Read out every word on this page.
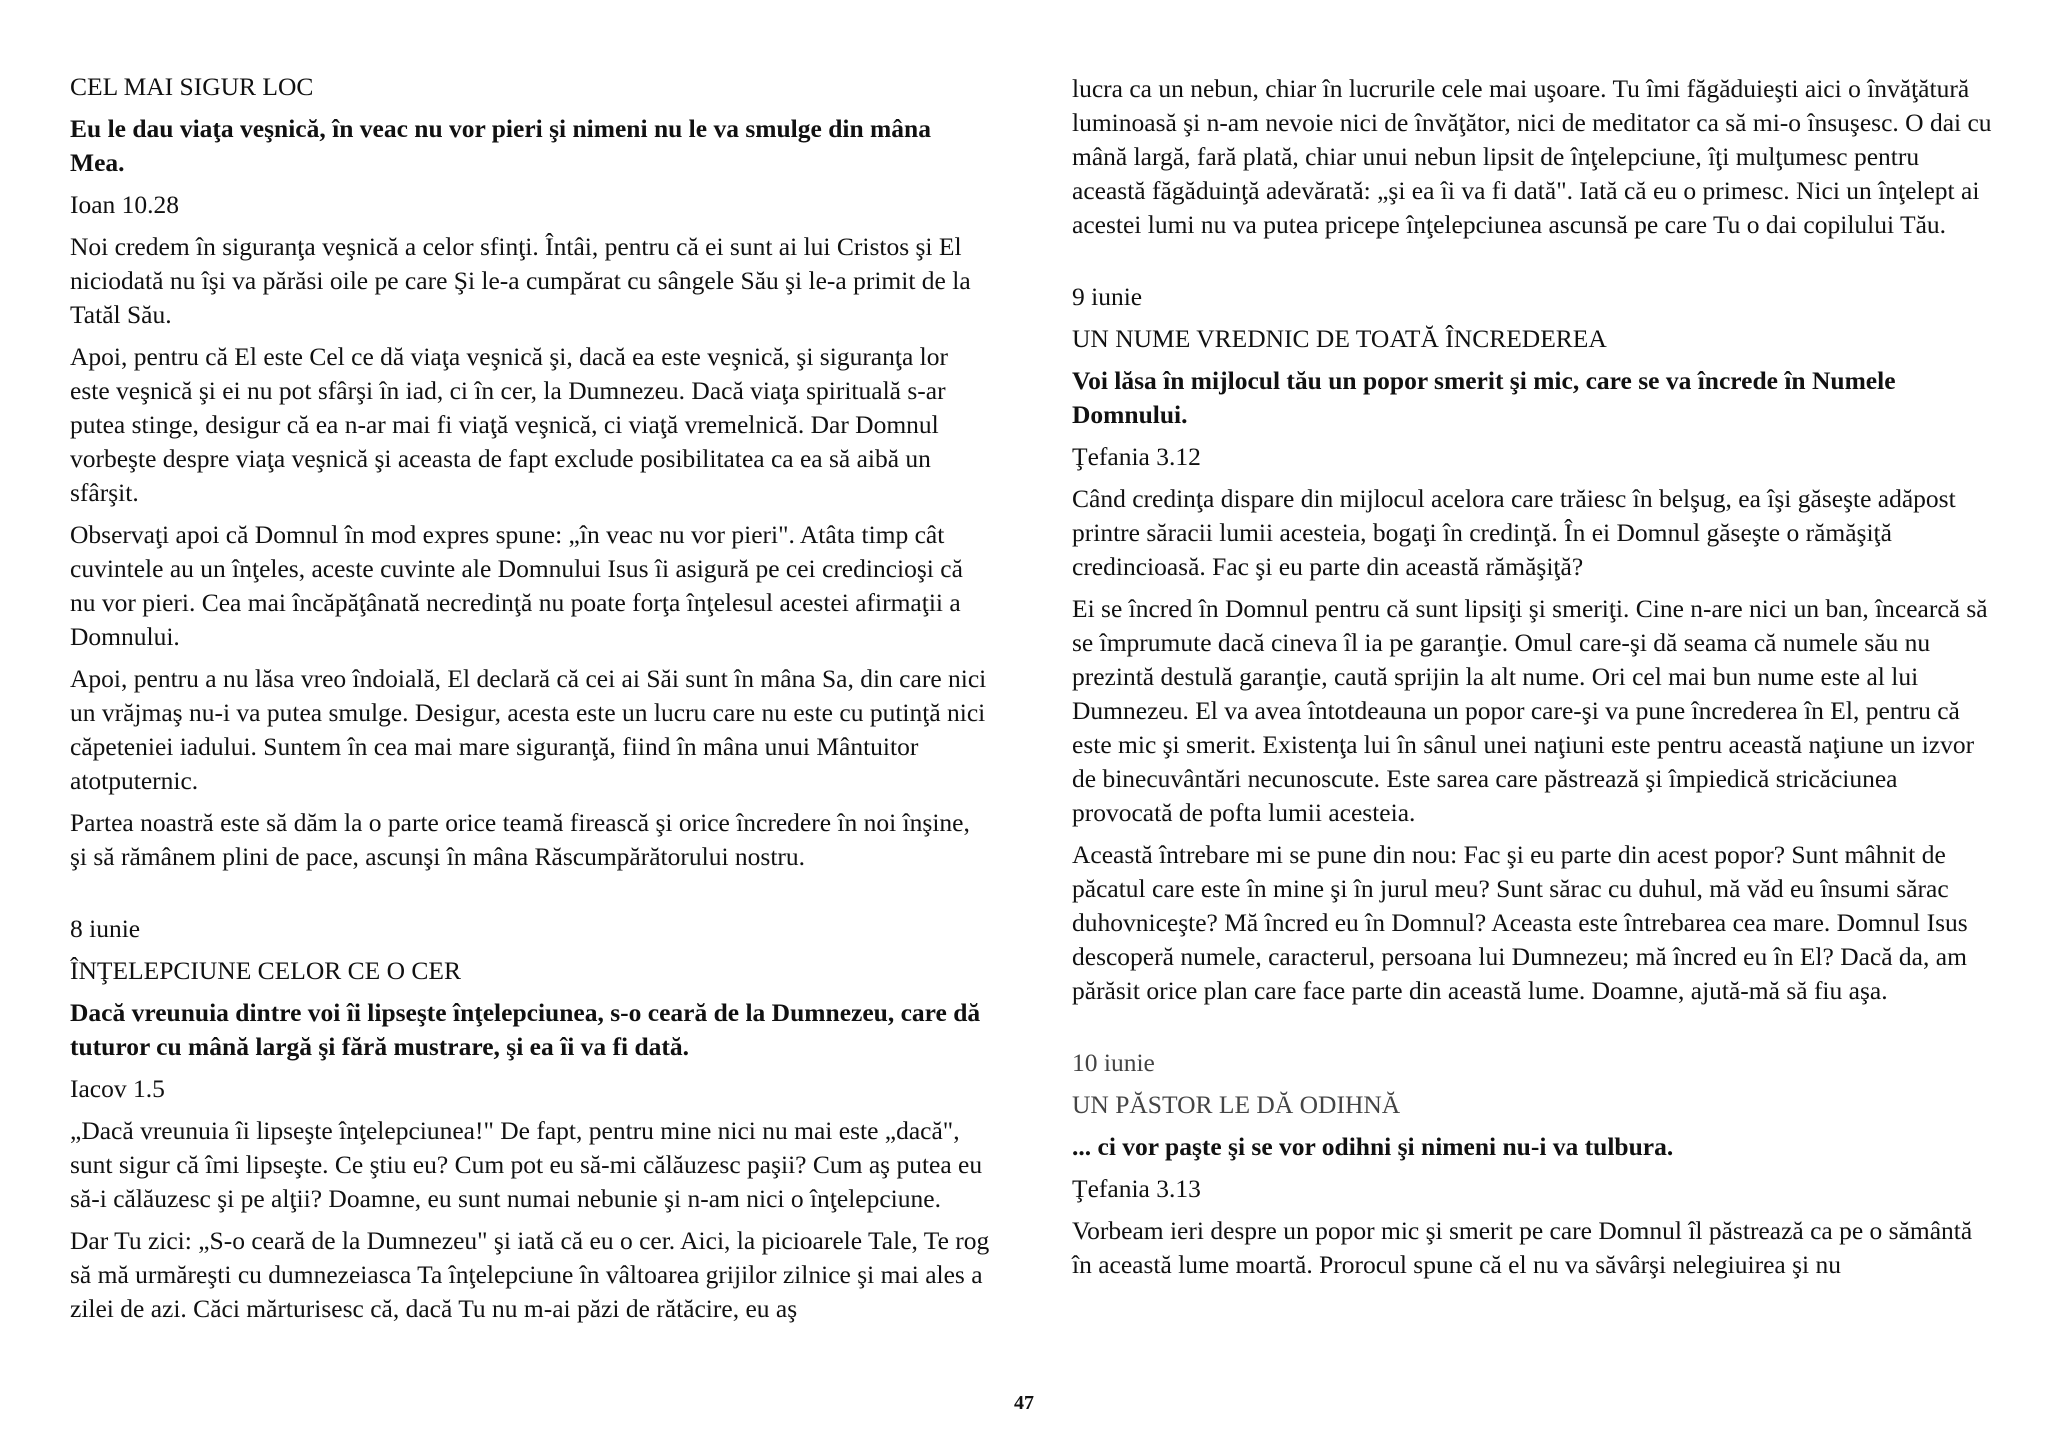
CEL MAI SIGUR LOC

Eu le dau viaţa veşnică, în veac nu vor pieri şi nimeni nu le va smulge din mâna Mea.

Ioan 10.28

Noi credem în siguranţa veşnică a celor sfinţi. Întâi, pentru că ei sunt ai lui Cristos şi El niciodată nu îşi va părăsi oile pe care Şi le-a cumpărat cu sângele Său şi le-a primit de la Tatăl Său.

Apoi, pentru că El este Cel ce dă viaţa veşnică şi, dacă ea este veşnică, şi siguranţa lor este veşnică şi ei nu pot sfârşi în iad, ci în cer, la Dumnezeu. Dacă viaţa spirituală s-ar putea stinge, desigur că ea n-ar mai fi viaţă veşnică, ci viaţă vremelnică. Dar Domnul vorbeşte despre viaţa veşnică şi aceasta de fapt exclude posibilitatea ca ea să aibă un sfârşit.

Observaţi apoi că Domnul în mod expres spune: „în veac nu vor pieri". Atâta timp cât cuvintele au un înţeles, aceste cuvinte ale Domnului Isus îi asigură pe cei credincioşi că nu vor pieri. Cea mai încăpăţânată necredinţă nu poate forţa înţelesul acestei afirmaţii a Domnului.

Apoi, pentru a nu lăsa vreo îndoială, El declară că cei ai Săi sunt în mâna Sa, din care nici un vrăjmaş nu-i va putea smulge. Desigur, acesta este un lucru care nu este cu putinţă nici căpeteniei iadului. Suntem în cea mai mare siguranţă, fiind în mâna unui Mântuitor atotputernic.

Partea noastră este să dăm la o parte orice teamă firească şi orice încredere în noi înşine, şi să rămânem plini de pace, ascunşi în mâna Răscumpărătorului nostru.

8 iunie

ÎNŢELEPCIUNE CELOR CE O CER

Dacă vreunuia dintre voi îi lipseşte înţelepciunea, s-o ceară de la Dumnezeu, care dă tuturor cu mână largă şi fără mustrare, şi ea îi va fi dată.

Iacov 1.5

„Dacă vreunuia îi lipseşte înţelepciunea!" De fapt, pentru mine nici nu mai este „dacă", sunt sigur că îmi lipseşte. Ce ştiu eu? Cum pot eu să-mi călăuzesc paşii? Cum aş putea eu să-i călăuzesc şi pe alţii? Doamne, eu sunt numai nebunie şi n-am nici o înţelepciune.

Dar Tu zici: „S-o ceară de la Dumnezeu" şi iată că eu o cer. Aici, la picioarele Tale, Te rog să mă urmăreşti cu dumnezeiasca Ta înţelepciune în vâltoarea grijilor zilnice şi mai ales a zilei de azi. Căci mărturisesc că, dacă Tu nu m-ai păzi de rătăcire, eu aş

lucra ca un nebun, chiar în lucrurile cele mai uşoare. Tu îmi făgăduieşti aici o învăţătură luminoasă şi n-am nevoie nici de învăţător, nici de meditator ca să mi-o însuşesc. O dai cu mână largă, fară plată, chiar unui nebun lipsit de înţelepciune, îţi mulţumesc pentru această făgăduinţă adevărată: „şi ea îi va fi dată". Iată că eu o primesc. Nici un înţelept ai acestei lumi nu va putea pricepe înţelepciunea ascunsă pe care Tu o dai copilului Tău.

9 iunie

UN NUME VREDNIC DE TOATĂ ÎNCREDEREA

Voi lăsa în mijlocul tău un popor smerit şi mic, care se va încrede în Numele Domnului.

Ţefania 3.12

Când credinţa dispare din mijlocul acelora care trăiesc în belşug, ea îşi găseşte adăpost printre săracii lumii acesteia, bogaţi în credinţă. În ei Domnul găseşte o rămăşiţă credincioasă. Fac şi eu parte din această rămăşiţă?

Ei se încred în Domnul pentru că sunt lipsiţi şi smeriţi. Cine n-are nici un ban, încearcă să se împrumute dacă cineva îl ia pe garanţie. Omul care-şi dă seama că numele său nu prezintă destulă garanţie, caută sprijin la alt nume. Ori cel mai bun nume este al lui Dumnezeu. El va avea întotdeauna un popor care-şi va pune încrederea în El, pentru că este mic şi smerit. Existenţa lui în sânul unei naţiuni este pentru această naţiune un izvor de binecuvântări necunoscute. Este sarea care păstrează şi împiedică stricăciunea provocată de pofta lumii acesteia.

Această întrebare mi se pune din nou: Fac şi eu parte din acest popor? Sunt mâhnit de păcatul care este în mine şi în jurul meu? Sunt sărac cu duhul, mă văd eu însumi sărac duhovniceşte? Mă încred eu în Domnul? Aceasta este întrebarea cea mare. Domnul Isus descoperă numele, caracterul, persoana lui Dumnezeu; mă încred eu în El? Dacă da, am părăsit orice plan care face parte din această lume. Doamne, ajută-mă să fiu aşa.

10 iunie

UN PĂSTOR LE DĂ ODIHNĂ

... ci vor paşte şi se vor odihni şi nimeni nu-i va tulbura.

Ţefania 3.13

Vorbeam ieri despre un popor mic şi smerit pe care Domnul îl păstrează ca pe o sământă în această lume moartă. Prorocul spune că el nu va săvârşi nelegiuirea şi nu

47
